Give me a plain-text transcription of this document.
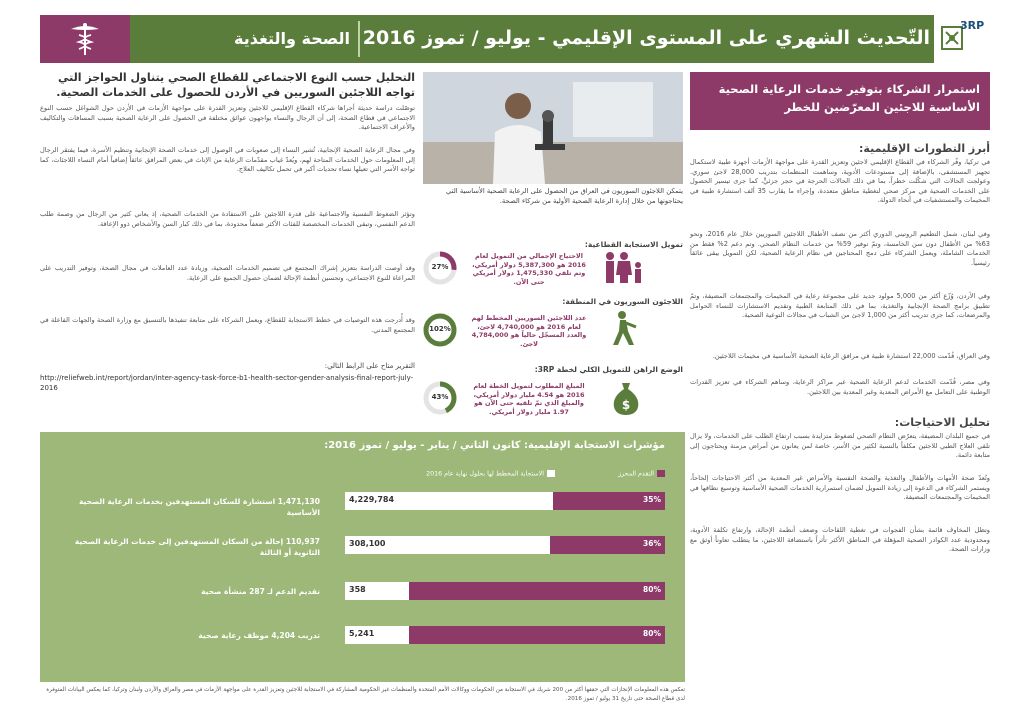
3RP
التّحديث الشهري على المستوى الإقليمي - يوليو / تموز 2016
الصحة والتغذية
استمرار الشركاء بتوفير خدمات الرعاية الصحية الأساسية للاجئين المعرّضين للخطر
أبرز التطورات الإقليمية:

في تركيا، وفّر الشركاء في القطاع الإقليمي لاجئين وتعزيز القدرة على مواجهة الأزمات أجهزة طبية لاستكمال تجهيز المستشفى، بالإضافة إلى مستودعات الأدوية، وساهمت المنظمات بتدريب 28,000 لاجئ سوري. وعولجت الحالات التي شكّلت خطراً، بما في ذلك الحالات الحرجة في حجر جزئيٍّ، كما جرى تيسير الحصول على الخدمات الصحية في مركز صحي لتغطية مناطق متعددة، وإجراء ما يقارب 35 ألف استشارة طبية في المخيمات والمستشفيات في أنحاء الدولة.

وفي لبنان، شمل التطعيم الروتيني الدوري أكثر من نصف الأطفال اللاجئين السوريين خلال عام 2016، ونحو 63% من الأطفال دون سن الخامسة، وتمّ توفير 59% من خدمات النظام الصحي. وتم دعم 2% فقط من الخدمات الشاملة، ويعمل الشركاء على دمج المحتاجين في نظام الرعاية الصحية، لكن التمويل يبقى عائقاً رئيسياً.

وفي الأردن، وُزّع أكثر من 5,000 مولود جديد على مجموعة رعاية في المخيمات والمجتمعات المضيفة، وتمّ تطبيق برامج الصحة الإنجابية والتغذية، بما في ذلك المتابعة الطبية وتقديم الاستشارات للنساء الحوامل والمرضعات، كما جرى تدريب أكثر من 1,000 لاجئ من الشباب في مجالات التوعية الصحية.

وفي العراق، قُدّمت 22,000 استشارة طبية في مرافق الرعاية الصحية الأساسية في مخيمات اللاجئين.

وفي مصر، قُدّمت الخدمات لدعم الرعاية الصحية عبر مراكز الرعاية، وساهم الشركاء في تعزيز القدرات الوطنية على التعامل مع الأمراض المعدية وغير المعدية بين اللاجئين.

تحليل الاحتياجات:

في جميع البلدان المضيفة، يتعرّض النظام الصحي لضغوط متزايدة بسبب ارتفاع الطلب على الخدمات، ولا يزال تلقي العلاج الطبي للاجئين مكلفاً بالنسبة لكثير من الأسر، خاصة لمن يعانون من أمراض مزمنة ويحتاجون إلى متابعة دائمة.

وتُعدّ صحة الأمهات والأطفال والتغذية والصحة النفسية والأمراض غير المعدية من أكثر الاحتياجات إلحاحاً، ويستمر الشركاء في الدعوة إلى زيادة التمويل لضمان استمرارية الخدمات الصحية الأساسية وتوسيع نطاقها في المخيمات والمجتمعات المضيفة.

وتظل المخاوف قائمة بشأن الفجوات في تغطية اللقاحات وضعف أنظمة الإحالة، وارتفاع تكلفة الأدوية، ومحدودية عدد الكوادر الصحية المؤهلة في المناطق الأكثر تأثراً باستضافة اللاجئين، ما يتطلب تعاوناً أوثق مع وزارات الصحة.

يتمكن اللاجئون السوريون في العراق من الحصول على الرعاية الصحية الأساسية التي يحتاجونها من خلال إدارة الرعاية الصحية الأولية من شركاء الصحة.
تمويل الاستجابة القطاعية:
27%
الاحتياج الإجمالي من التمويل لعام 2016 هو 5,387,300 دولار أمريكي، وتم تلقي 1,475,330 دولار أمريكي حتى الآن.
اللاجئون السوريون في المنطقة:
102%
عدد اللاجئين السوريين المخطط لهم لعام 2016 هو 4,740,000 لاجئ، والعدد المسجّل حالياً هو 4,784,000 لاجئ.
الوضع الراهن للتمويل الكلي لخطة 3RP:
43%
$
المبلغ المطلوب لتمويل الخطة لعام 2016 هو 4.54 مليار دولار أمريكي، والمبلغ الذي تمّ تلقيه حتى الآن هو 1.97 مليار دولار أمريكي.
التحليل حسب النوع الاجتماعي للقطاع الصحي يتناول الحواجز التي تواجه اللاجئين السوريين في الأردن للحصول على الخدمات الصحية.

توصّلت دراسة حديثة أجراها شركاء القطاع الإقليمي للاجئين وتعزيز القدرة على مواجهة الأزمات في الأردن حول الشواغل حسب النوع الاجتماعي في قطاع الصحة، إلى أن الرجال والنساء يواجهون عوائق مختلفة في الحصول على الرعاية الصحية بسبب المسافات والتكاليف والأعراف الاجتماعية.

وفي مجال الرعاية الصحية الإنجابية، تُشير النساء إلى صعوبات في الوصول إلى خدمات الصحة الإنجابية وتنظيم الأسرة، فيما يفتقر الرجال إلى المعلومات حول الخدمات المتاحة لهم، ويُعدّ غياب مقدّمات الرعاية من الإناث في بعض المرافق عائقاً إضافياً أمام النساء اللاجئات، كما تواجه الأسر التي تعيلها نساء تحديات أكبر في تحمل تكاليف العلاج.

وتؤثر الضغوط النفسية والاجتماعية على قدرة اللاجئين على الاستفادة من الخدمات الصحية، إذ يعاني كثير من الرجال من وصمة طلب الدعم النفسي، وتبقى الخدمات المخصصة للفئات الأكثر ضعفاً محدودة، بما في ذلك كبار السن والأشخاص ذوو الإعاقة.

وقد أوصت الدراسة بتعزيز إشراك المجتمع في تصميم الخدمات الصحية، وزيادة عدد العاملات في مجال الصحة، وتوفير التدريب على المراعاة للنوع الاجتماعي، وتحسين أنظمة الإحالة لضمان حصول الجميع على الرعاية.

وقد أُدرجت هذه التوصيات في خطط الاستجابة للقطاع، ويعمل الشركاء على متابعة تنفيذها بالتنسيق مع وزارة الصحة والجهات الفاعلة في المجتمع المدني.

التقرير متاح على الرابط التالي:
http://reliefweb.int/report/jordan/inter-agency-task-force-b1-health-sector-gender-analysis-final-report-july-2016
مؤشرات الاستجابة الإقليمية: كانون الثاني / يناير - يوليو / تموز 2016:
الاستجابة المخطط لها بحلول نهاية عام 2016	التقدم المحرز
1,471,130 استشارة للسكان المستهدفين بخدمات الرعاية الصحية الأساسية
35%
4,229,784
110,937 إحالة من السكان المستهدفين إلى خدمات الرعاية الصحية الثانوية أو الثالثة
36%
308,100
تقديم الدعم لـ 287 منشأة صحية	80%
358
تدريب 4,204 موظف رعاية صحية	80%
5,241
تعكس هذه المعلومات الإنجازات التي حققها أكثر من 200 شريك في الاستجابة من الحكومات ووكالات الأمم المتحدة والمنظمات غير الحكومية المشاركة في الاستجابة للاجئين وتعزيز القدرة على مواجهة الأزمات في مصر والعراق والأردن ولبنان وتركيا، كما يعكس البيانات المتوفرة لدى قطاع الصحة حتى تاريخ 31 يوليو / تموز 2016.
